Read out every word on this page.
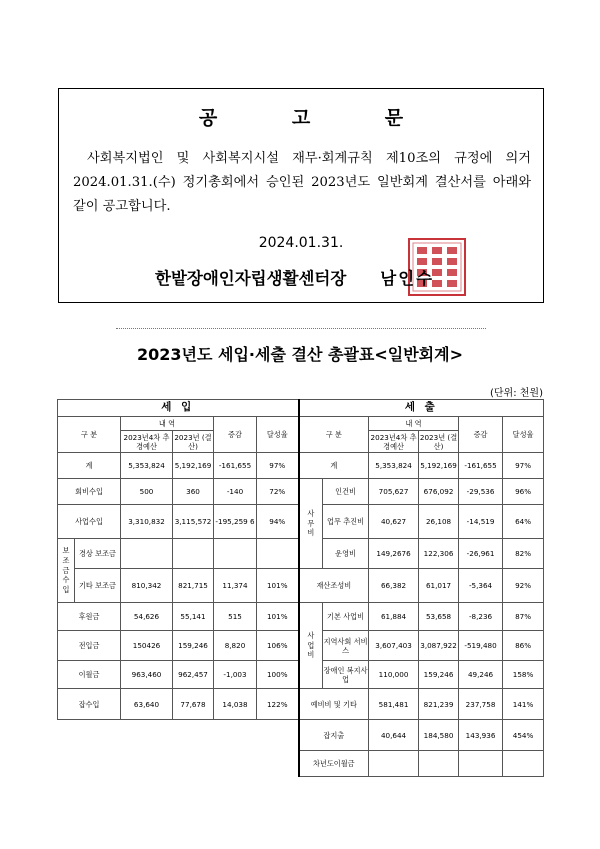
공 고 문
사회복지법인 및 사회복지시설 재무·회계규칙 제10조의 규정에 의거 2024.01.31.(수) 정기총회에서 승인된 2023년도 일반회계 결산서를 아래와 같이 공고합니다.
2024.01.31.
한밭장애인자립생활센터장 남인수
2023년도 세입·세출 결산 총괄표<일반회계>
(단위: 천원)
세 입						세 출					
구 분		내 역		증감	달성율	구 분		내 역		증감	달성율
		2023년4차 추경예산	2023년 (결산)					2023년4차 추경예산	2023년 (결산)		
계		5,353,824	5,192,169	-161,655	97%	계		5,353,824	5,192,169	-161,655	97%
회비수입		500	360	-140	72%	사무비	인건비	705,627	676,092	-29,536	96%
사업수입		3,310,832	3,115,572	-195,259 6	94%		업무 추진비	40,627	26,108	-14,519	64%
보조금수입	경상 보조금						운영비	149,2676	122,306	-26,961	82%
	기타 보조금	810,342	821,715	11,374	101%	재산조성비		66,382	61,017	-5,364	92%
후원금		54,626	55,141	515	101%	사업비	기본 사업비	61,884	53,658	-8,236	87%
전입금		150426	159,246	8,820	106%		지역사회 서비스	3,607,403	3,087,922	-519,480	86%
이월금		963,460	962,457	-1,003	100%		장애인 복지사업	110,000	159,246	49,246	158%
잡수입		63,640	77,678	14,038	122%	예비비 및 기타		581,481	821,239	237,758	141%
						잡지출		40,644	184,580	143,936	454%
						차년도이월금					
